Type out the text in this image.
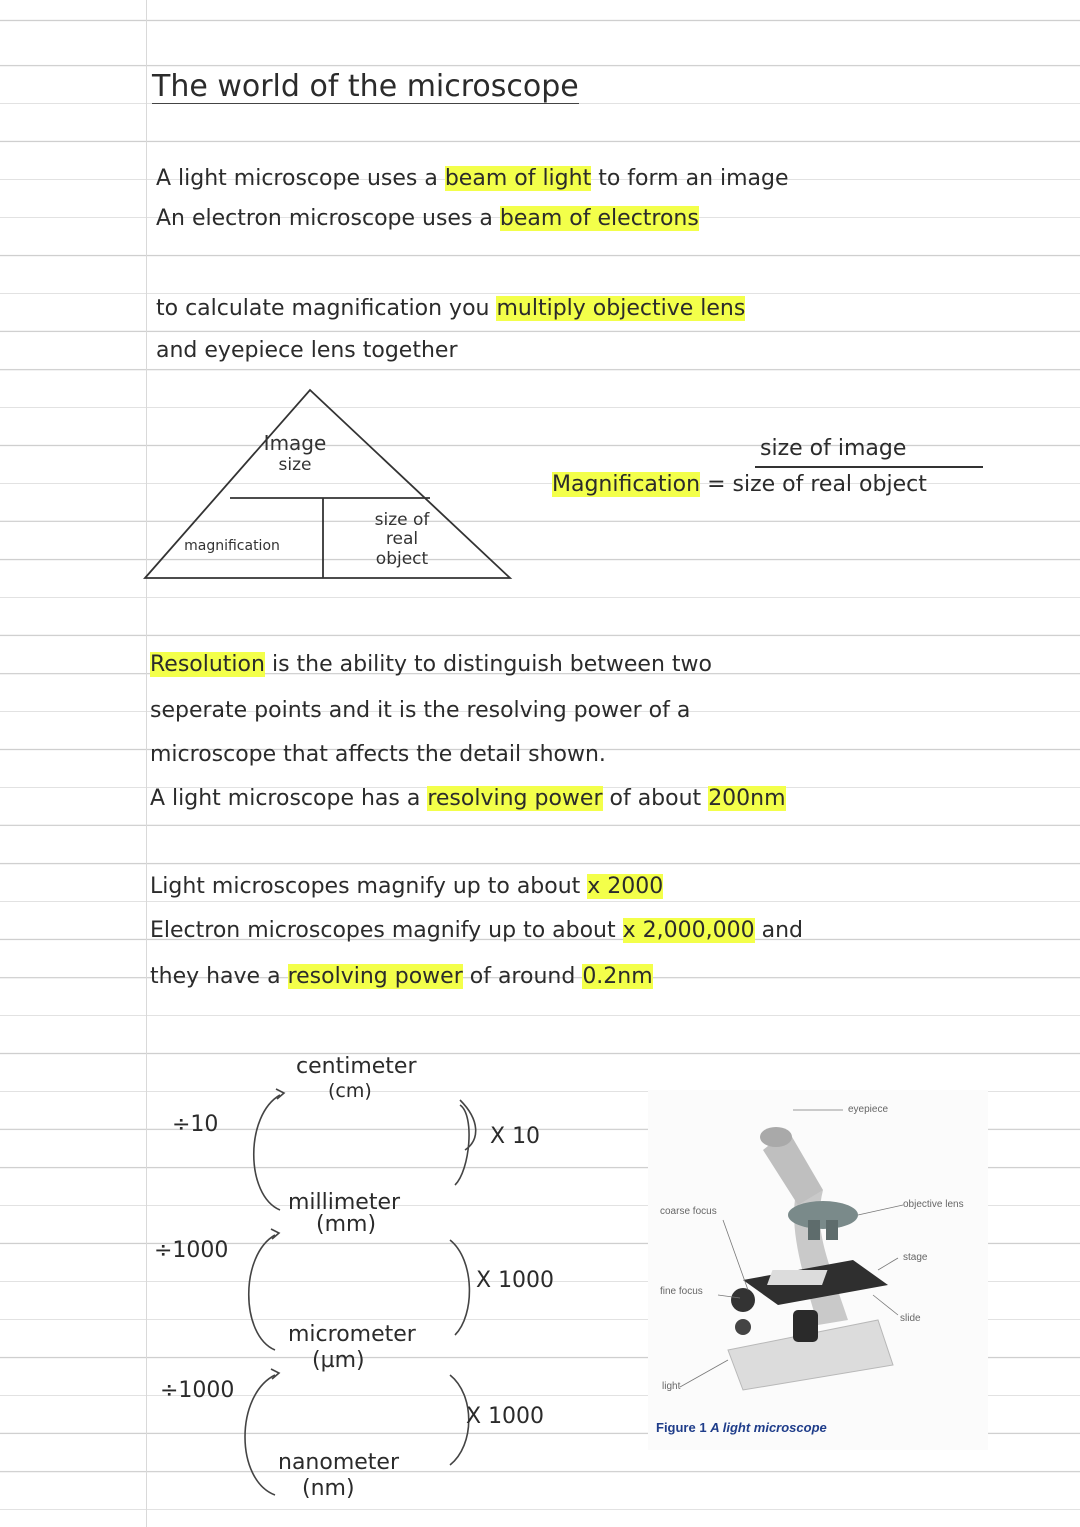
The world of the microscope
A light microscope uses a beam of light to form an image
An electron microscope uses a beam of electrons
to calculate magnification you multiply objective lens
and eyepiece lens together
Image
size
magnification
size of
real
object
size of image
Magnification = size of real object
Resolution is the ability to distinguish between two
seperate points and it is the resolving power of a
microscope that affects the detail shown.
A light microscope has a resolving power of about 200nm
Light microscopes magnify up to about x 2000
Electron microscopes magnify up to about x 2,000,000 and
they have a resolving power of around 0.2nm
centimeter
(cm)
millimeter
(mm)
micrometer
(µm)
nanometer
(nm)
÷10
÷1000
÷1000
X 10
X 1000
X 1000
eyepiece
objective lens
stage
slide
coarse focus
fine focus
light
Figure 1 A light microscope
